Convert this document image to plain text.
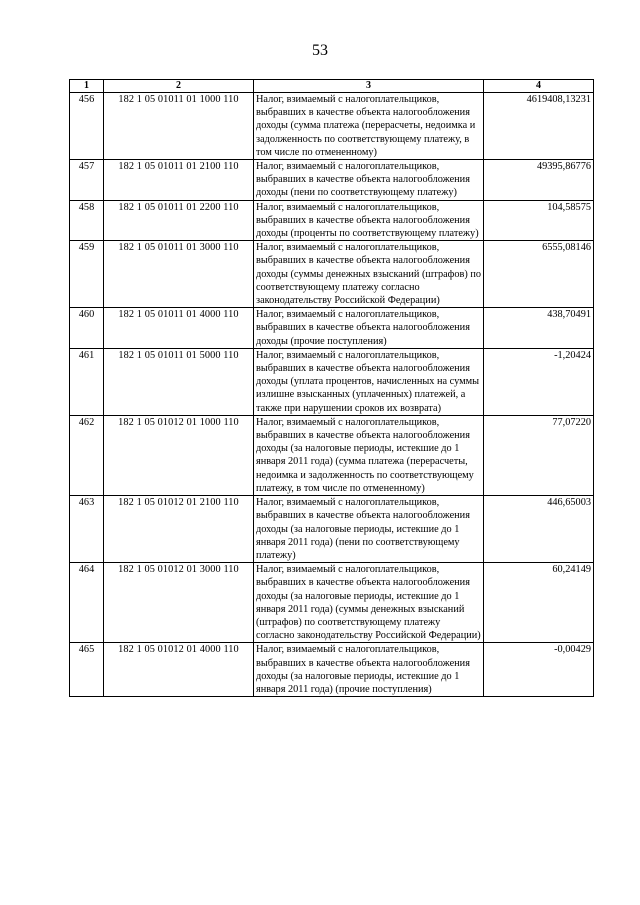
53
1	2	3	4
456	182 1 05 01011 01 1000 110	Налог, взимаемый с налогоплательщиков, выбравших в качестве объекта налогообложения доходы (сумма платежа (перерасчеты, недоимка и задолженность по соответствующему платежу, в том числе по отмененному)	4619408,13231
457	182 1 05 01011 01 2100 110	Налог, взимаемый с налогоплательщиков, выбравших в качестве объекта налогообложения доходы (пени по соответствующему платежу)	49395,86776
458	182 1 05 01011 01 2200 110	Налог, взимаемый с налогоплательщиков, выбравших в качестве объекта налогообложения доходы (проценты по соответствующему платежу)	104,58575
459	182 1 05 01011 01 3000 110	Налог, взимаемый с налогоплательщиков, выбравших в качестве объекта налогообложения доходы (суммы денежных взысканий (штрафов) по соответствующему платежу согласно законодательству Российской Федерации)	6555,08146
460	182 1 05 01011 01 4000 110	Налог, взимаемый с налогоплательщиков, выбравших в качестве объекта налогообложения доходы (прочие поступления)	438,70491
461	182 1 05 01011 01 5000 110	Налог, взимаемый с налогоплательщиков, выбравших в качестве объекта налогообложения доходы (уплата процентов, начисленных на суммы излишне взысканных (уплаченных) платежей, а также при нарушении сроков их возврата)	-1,20424
462	182 1 05 01012 01 1000 110	Налог, взимаемый с налогоплательщиков, выбравших в качестве объекта налогообложения доходы (за налоговые периоды, истекшие до 1 января 2011 года) (сумма платежа (перерасчеты, недоимка и задолженность по соответствующему платежу, в том числе по отмененному)	77,07220
463	182 1 05 01012 01 2100 110	Налог, взимаемый с налогоплательщиков, выбравших в качестве объекта налогообложения доходы (за налоговые периоды, истекшие до 1 января 2011 года) (пени по соответствующему платежу)	446,65003
464	182 1 05 01012 01 3000 110	Налог, взимаемый с налогоплательщиков, выбравших в качестве объекта налогообложения доходы (за налоговые периоды, истекшие до 1 января 2011 года) (суммы денежных взысканий (штрафов) по соответствующему платежу согласно законодательству Российской Федерации)	60,24149
465	182 1 05 01012 01 4000 110	Налог, взимаемый с налогоплательщиков, выбравших в качестве объекта налогообложения доходы (за налоговые периоды, истекшие до 1 января 2011 года) (прочие поступления)	-0,00429
